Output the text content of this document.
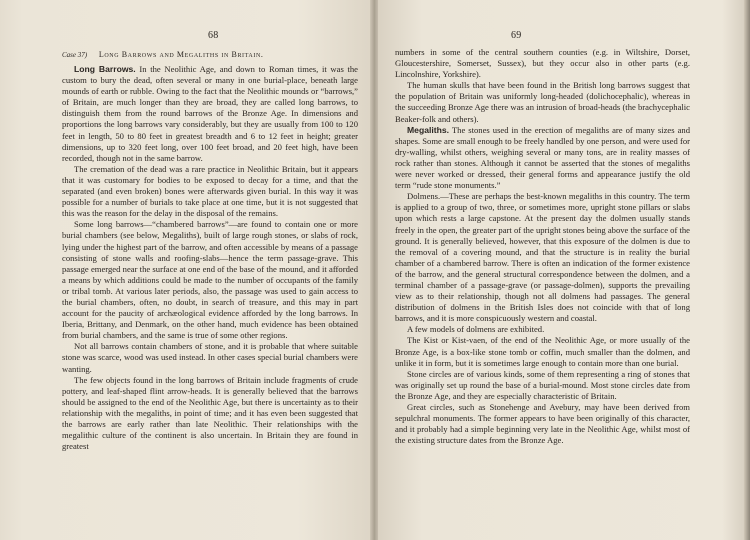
68
Case 37) Long Barrows and Megaliths in Britain.

Long Barrows. In the Neolithic Age, and down to Roman times, it was the custom to bury the dead, often several or many in one burial-place, beneath large mounds of earth or rubble. Owing to the fact that the Neolithic mounds or “barrows,” of Britain, are much longer than they are broad, they are called long barrows, to distinguish them from the round barrows of the Bronze Age. In dimensions and proportions the long barrows vary considerably, but they are usually from 100 to 120 feet in length, 50 to 80 feet in greatest breadth and 6 to 12 feet in height; greater dimensions, up to 320 feet long, over 100 feet broad, and 20 feet high, have been recorded, though not in the same barrow.

The cremation of the dead was a rare practice in Neolithic Britain, but it appears that it was customary for bodies to be exposed to decay for a time, and that the separated (and even broken) bones were afterwards given burial. In this way it was possible for a number of burials to take place at one time, but it is not suggested that this was the reason for the delay in the disposal of the remains.

Some long barrows—“chambered barrows”—are found to contain one or more burial chambers (see below, Megaliths), built of large rough stones, or slabs of rock, lying under the highest part of the barrow, and often accessible by means of a passage consisting of stone walls and roofing-slabs—hence the term passage-grave. This passage emerged near the surface at one end of the base of the mound, and it afforded a means by which additions could be made to the number of occupants of the family or tribal tomb. At various later periods, also, the passage was used to gain access to the burial chambers, often, no doubt, in search of treasure, and this may in part account for the paucity of archæological evidence afforded by the long barrows. In Iberia, Brittany, and Denmark, on the other hand, much evidence has been obtained from burial chambers, and the same is true of some other regions.

Not all barrows contain chambers of stone, and it is probable that where suitable stone was scarce, wood was used instead. In other cases special burial chambers were wanting.

The few objects found in the long barrows of Britain include fragments of crude pottery, and leaf-shaped flint arrow-heads. It is generally believed that the barrows should be assigned to the end of the Neolithic Age, but there is uncertainty as to their relationship with the megaliths, in point of time; and it has even been suggested that the barrows are early rather than late Neolithic. Their relationships with the megalithic culture of the continent is also uncertain. In Britain they are found in greatest

69

numbers in some of the central southern counties (e.g. in Wiltshire, Dorset, Gloucestershire, Somerset, Sussex), but they occur also in other parts (e.g. Lincolnshire, Yorkshire).

The human skulls that have been found in the British long barrows suggest that the population of Britain was uniformly long-headed (dolichocephalic), whereas in the succeeding Bronze Age there was an intrusion of broad-heads (the brachycephalic Beaker-folk and others).

Megaliths. The stones used in the erection of megaliths are of many sizes and shapes. Some are small enough to be freely handled by one person, and were used for dry-walling, whilst others, weighing several or many tons, are in reality masses of rock rather than stones. Although it cannot be asserted that the stones of megaliths were never worked or dressed, their general forms and appearance justify the old term “rude stone monuments.”

Dolmens.—These are perhaps the best-known megaliths in this country. The term is applied to a group of two, three, or sometimes more, upright stone pillars or slabs upon which rests a large capstone. At the present day the dolmen usually stands freely in the open, the greater part of the upright stones being above the surface of the ground. It is generally believed, however, that this exposure of the dolmen is due to the removal of a covering mound, and that the structure is in reality the burial chamber of a chambered barrow. There is often an indication of the former existence of the barrow, and the general structural correspondence between the dolmen, and a terminal chamber of a passage-grave (or passage-dolmen), supports the prevailing view as to their relationship, though not all dolmens had passages. The general distribution of dolmens in the British Isles does not coincide with that of long barrows, and it is more conspicuously western and coastal.

A few models of dolmens are exhibited.

The Kist or Kist-vaen, of the end of the Neolithic Age, or more usually of the Bronze Age, is a box-like stone tomb or coffin, much smaller than the dolmen, and unlike it in form, but it is sometimes large enough to contain more than one burial.

Stone circles are of various kinds, some of them representing a ring of stones that was originally set up round the base of a burial-mound. Most stone circles date from the Bronze Age, and they are especially characteristic of Britain.

Great circles, such as Stonehenge and Avebury, may have been derived from sepulchral monuments. The former appears to have been originally of this character, and it probably had a simple beginning very late in the Neolithic Age, whilst most of the existing structure dates from the Bronze Age.
